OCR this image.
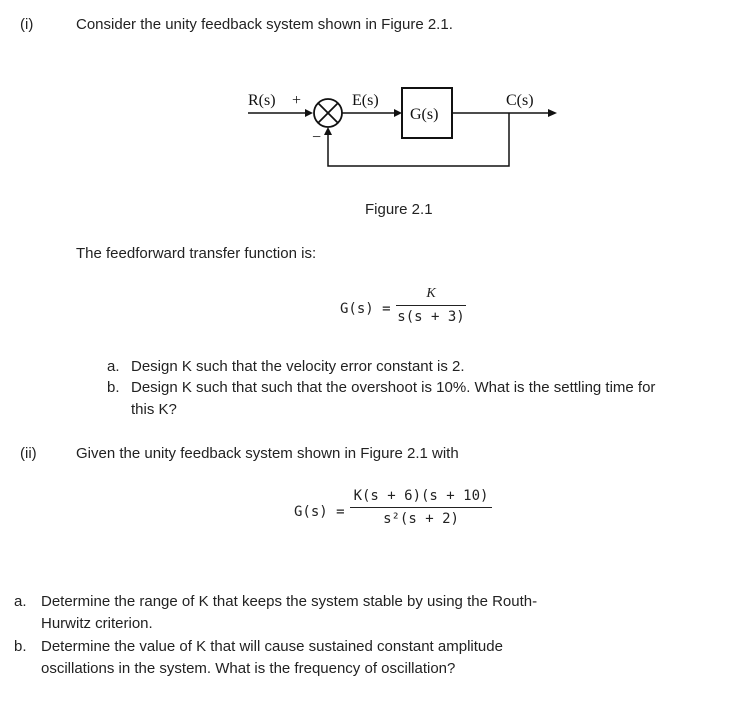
(i)	Consider the unity feedback system shown in Figure 2.1.
R(s) +
−
E(s)
G(s)
C(s)
Figure 2.1
The feedforward transfer function is:
G(s) =
K
s(s + 3)
a. Design K such that the velocity error constant is 2.
b. Design K such that such that the overshoot is 10%. What is the settling time for
this K?
(ii)	Given the unity feedback system shown in Figure 2.1 with
G(s) =
K(s + 6)(s + 10)
s²(s + 2)
a. Determine the range of K that keeps the system stable by using the Routh-
Hurwitz criterion.
b. Determine the value of K that will cause sustained constant amplitude
oscillations in the system. What is the frequency of oscillation?
